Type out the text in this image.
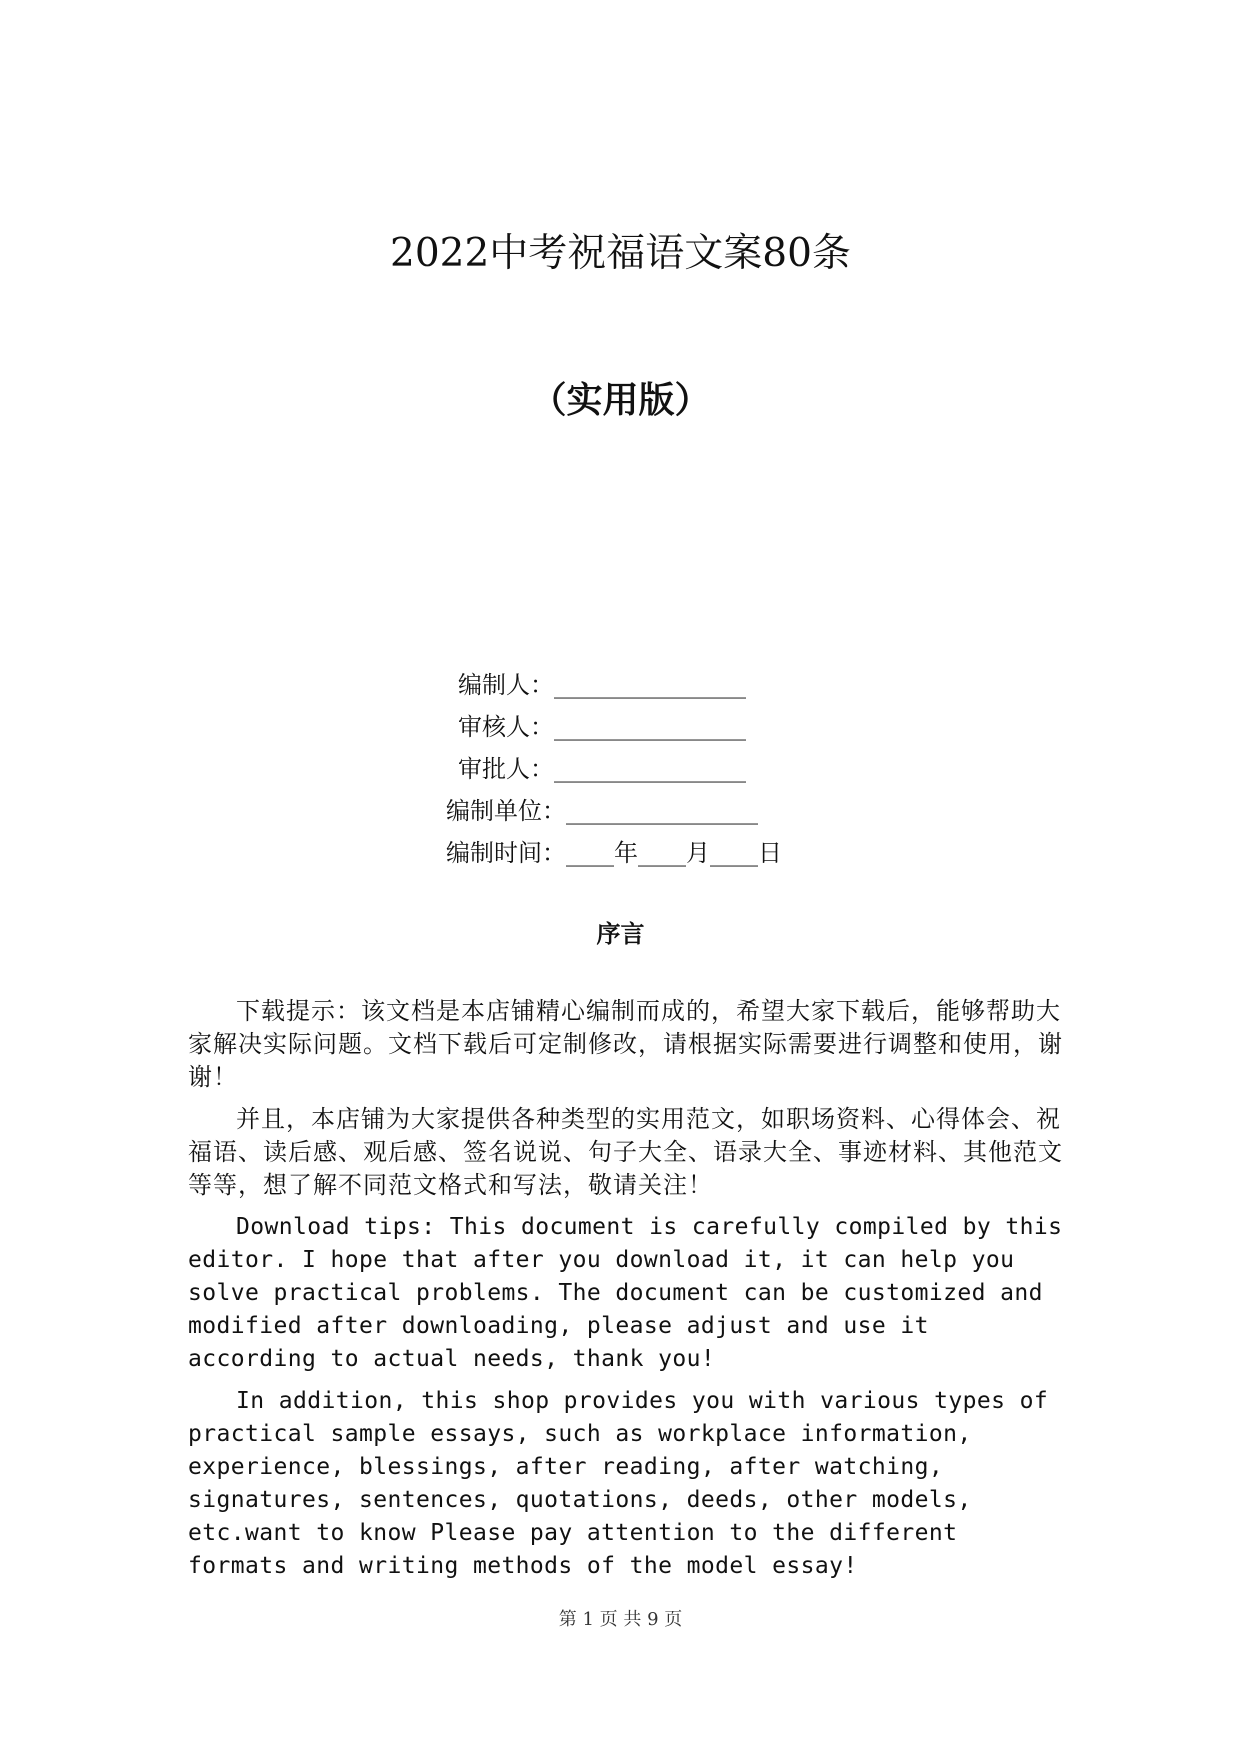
2022中考祝福语文案80条
（实用版）
编制人：________________
审核人：________________
审批人：________________
编制单位：________________
编制时间：____年____月____日
序言

下载提示：该文档是本店铺精心编制而成的，希望大家下载后，能够帮助大家解决实际问题。文档下载后可定制修改，请根据实际需要进行调整和使用，谢谢！

并且，本店铺为大家提供各种类型的实用范文，如职场资料、心得体会、祝福语、读后感、观后感、签名说说、句子大全、语录大全、事迹材料、其他范文等等，想了解不同范文格式和写法，敬请关注！

Download tips: This document is carefully compiled by this editor. I hope that after you download it, it can help you solve practical problems. The document can be customized and modified after downloading, please adjust and use it according to actual needs, thank you!

In addition, this shop provides you with various types of practical sample essays, such as workplace information, experience, blessings, after reading, after watching, signatures, sentences, quotations, deeds, other models, etc.want to know Please pay attention to the different formats and writing methods of the model essay!

第 1 页 共 9 页
